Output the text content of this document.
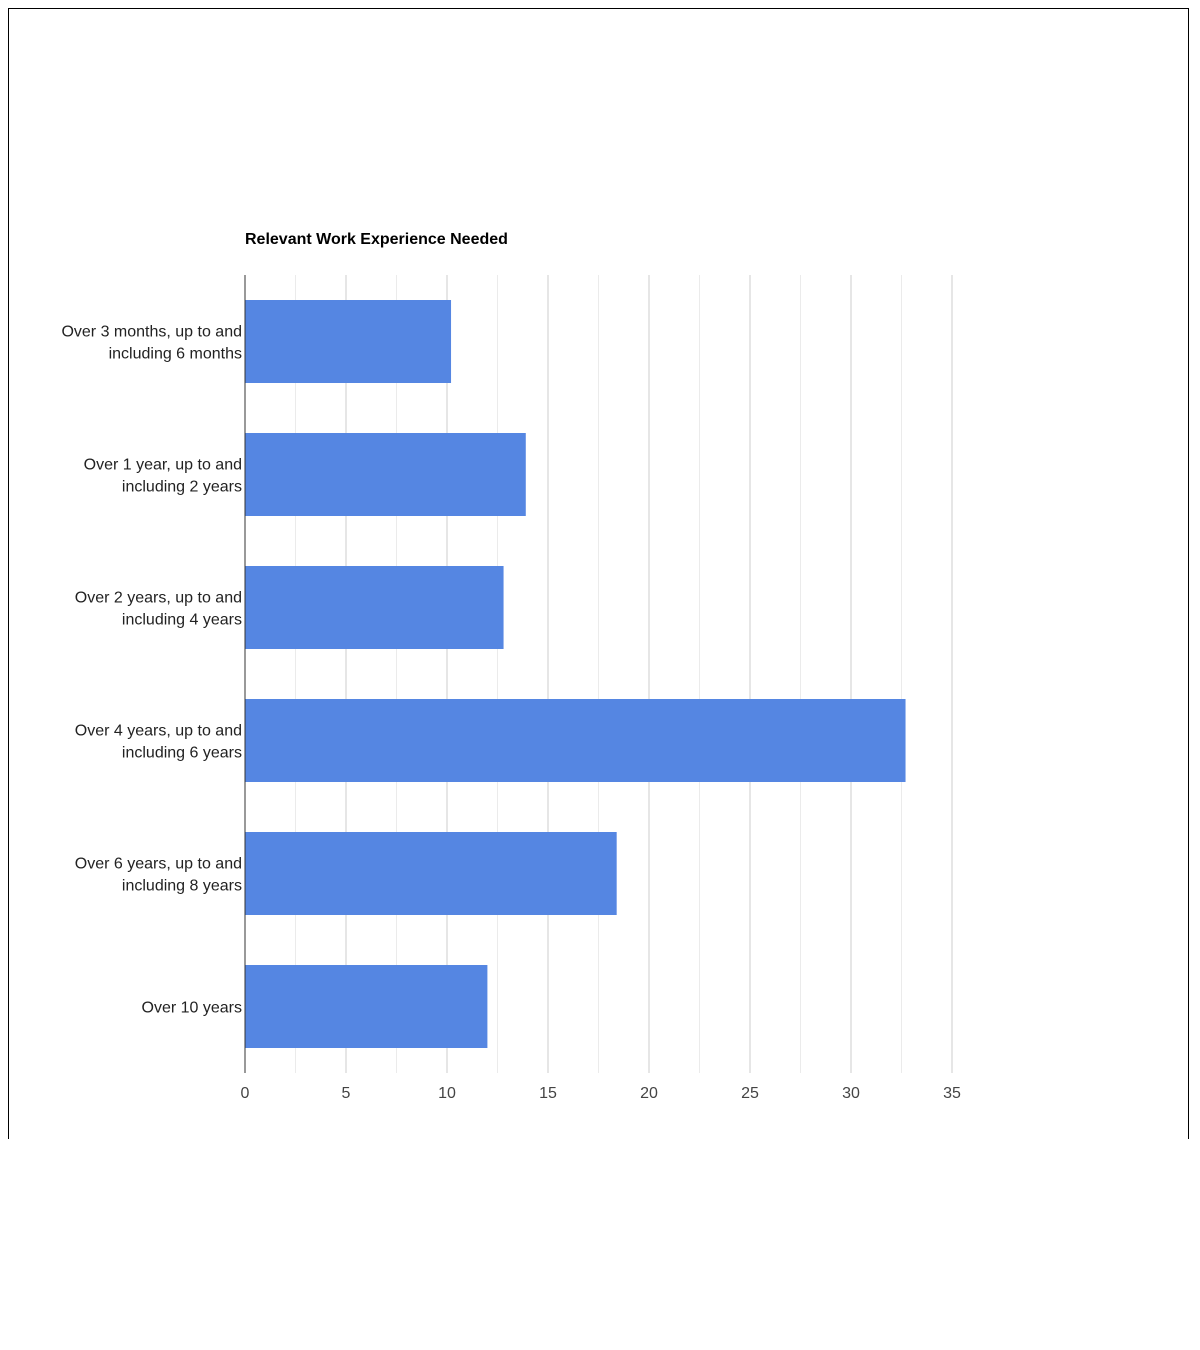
Relevant Work Experience Needed
Over 3 months, up to and
including 6 months
Over 1 year, up to and
including 2 years
Over 2 years, up to and
including 4 years
Over 4 years, up to and
including 6 years
Over 6 years, up to and
including 8 years
Over 10 years
0	5	10	15	20	25	30	35
